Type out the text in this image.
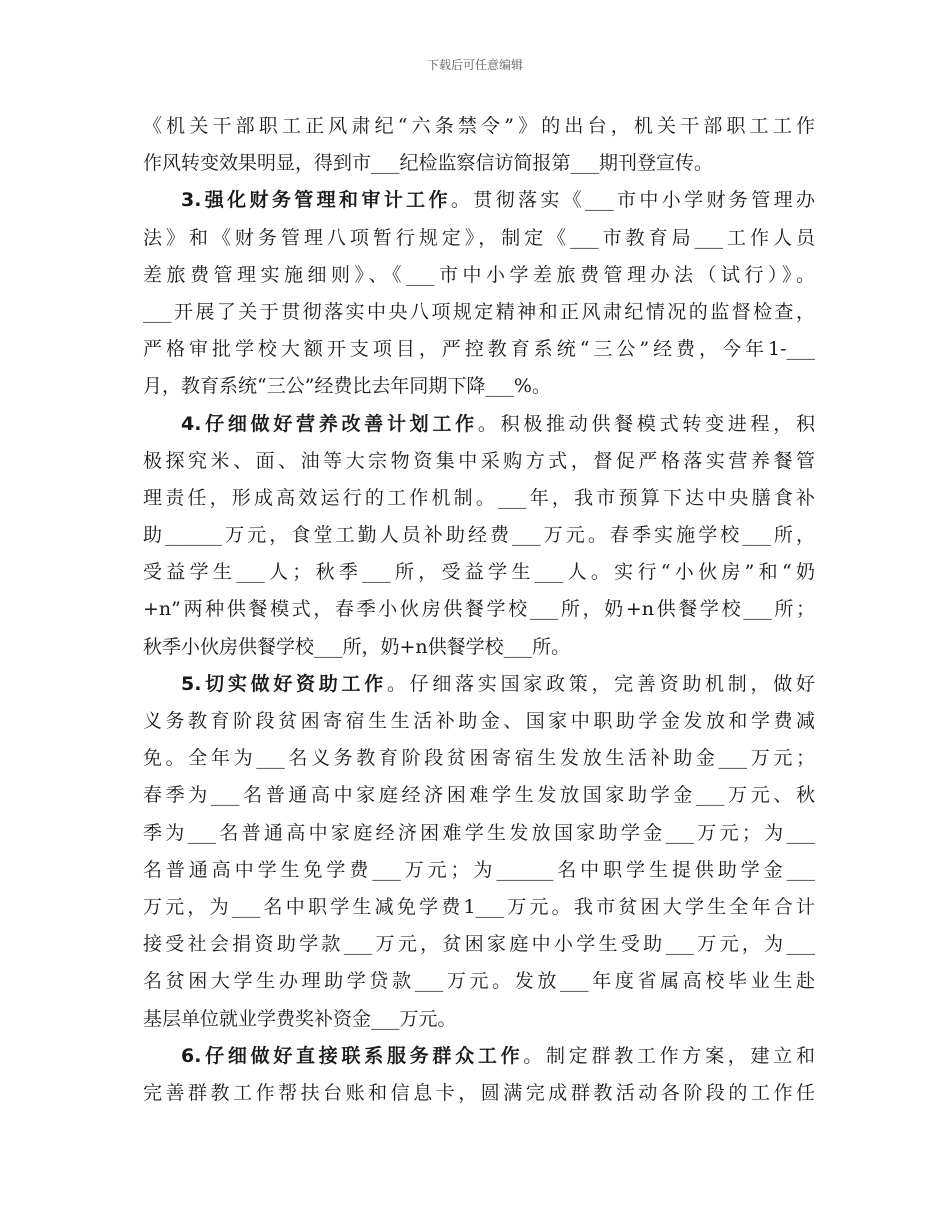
下载后可任意编辑
《机关干部职工正风肃纪“六条禁令”》的出台，机关干部职工工作
作风转变效果明显，得到市___纪检监察信访简报第___期刊登宣传。
3.强化财务管理和审计工作。贯彻落实《___市中小学财务管理办
法》和《财务管理八项暂行规定》，制定《___市教育局___工作人员
差旅费管理实施细则》、《___市中小学差旅费管理办法（试行）》。
___开展了关于贯彻落实中央八项规定精神和正风肃纪情况的监督检查，
严格审批学校大额开支项目，严控教育系统“三公”经费，今年1-___
月，教育系统“三公”经费比去年同期下降___%。
4.仔细做好营养改善计划工作。积极推动供餐模式转变进程，积
极探究米、面、油等大宗物资集中采购方式，督促严格落实营养餐管
理责任，形成高效运行的工作机制。___年，我市预算下达中央膳食补
助______万元，食堂工勤人员补助经费___万元。春季实施学校___所，
受益学生___人；秋季___所，受益学生___人。实行“小伙房”和“奶
+n”两种供餐模式，春季小伙房供餐学校___所，奶+n供餐学校___所；
秋季小伙房供餐学校___所，奶+n供餐学校___所。
5.切实做好资助工作。仔细落实国家政策，完善资助机制，做好
义务教育阶段贫困寄宿生生活补助金、国家中职助学金发放和学费减
免。全年为___名义务教育阶段贫困寄宿生发放生活补助金___万元；
春季为___名普通高中家庭经济困难学生发放国家助学金___万元、秋
季为___名普通高中家庭经济困难学生发放国家助学金___万元；为___
名普通高中学生免学费___万元；为______名中职学生提供助学金___
万元，为___名中职学生减免学费1___万元。我市贫困大学生全年合计
接受社会捐资助学款___万元，贫困家庭中小学生受助___万元，为___
名贫困大学生办理助学贷款___万元。发放___年度省属高校毕业生赴
基层单位就业学费奖补资金___万元。
6.仔细做好直接联系服务群众工作。制定群教工作方案，建立和
完善群教工作帮扶台账和信息卡，圆满完成群教活动各阶段的工作任
